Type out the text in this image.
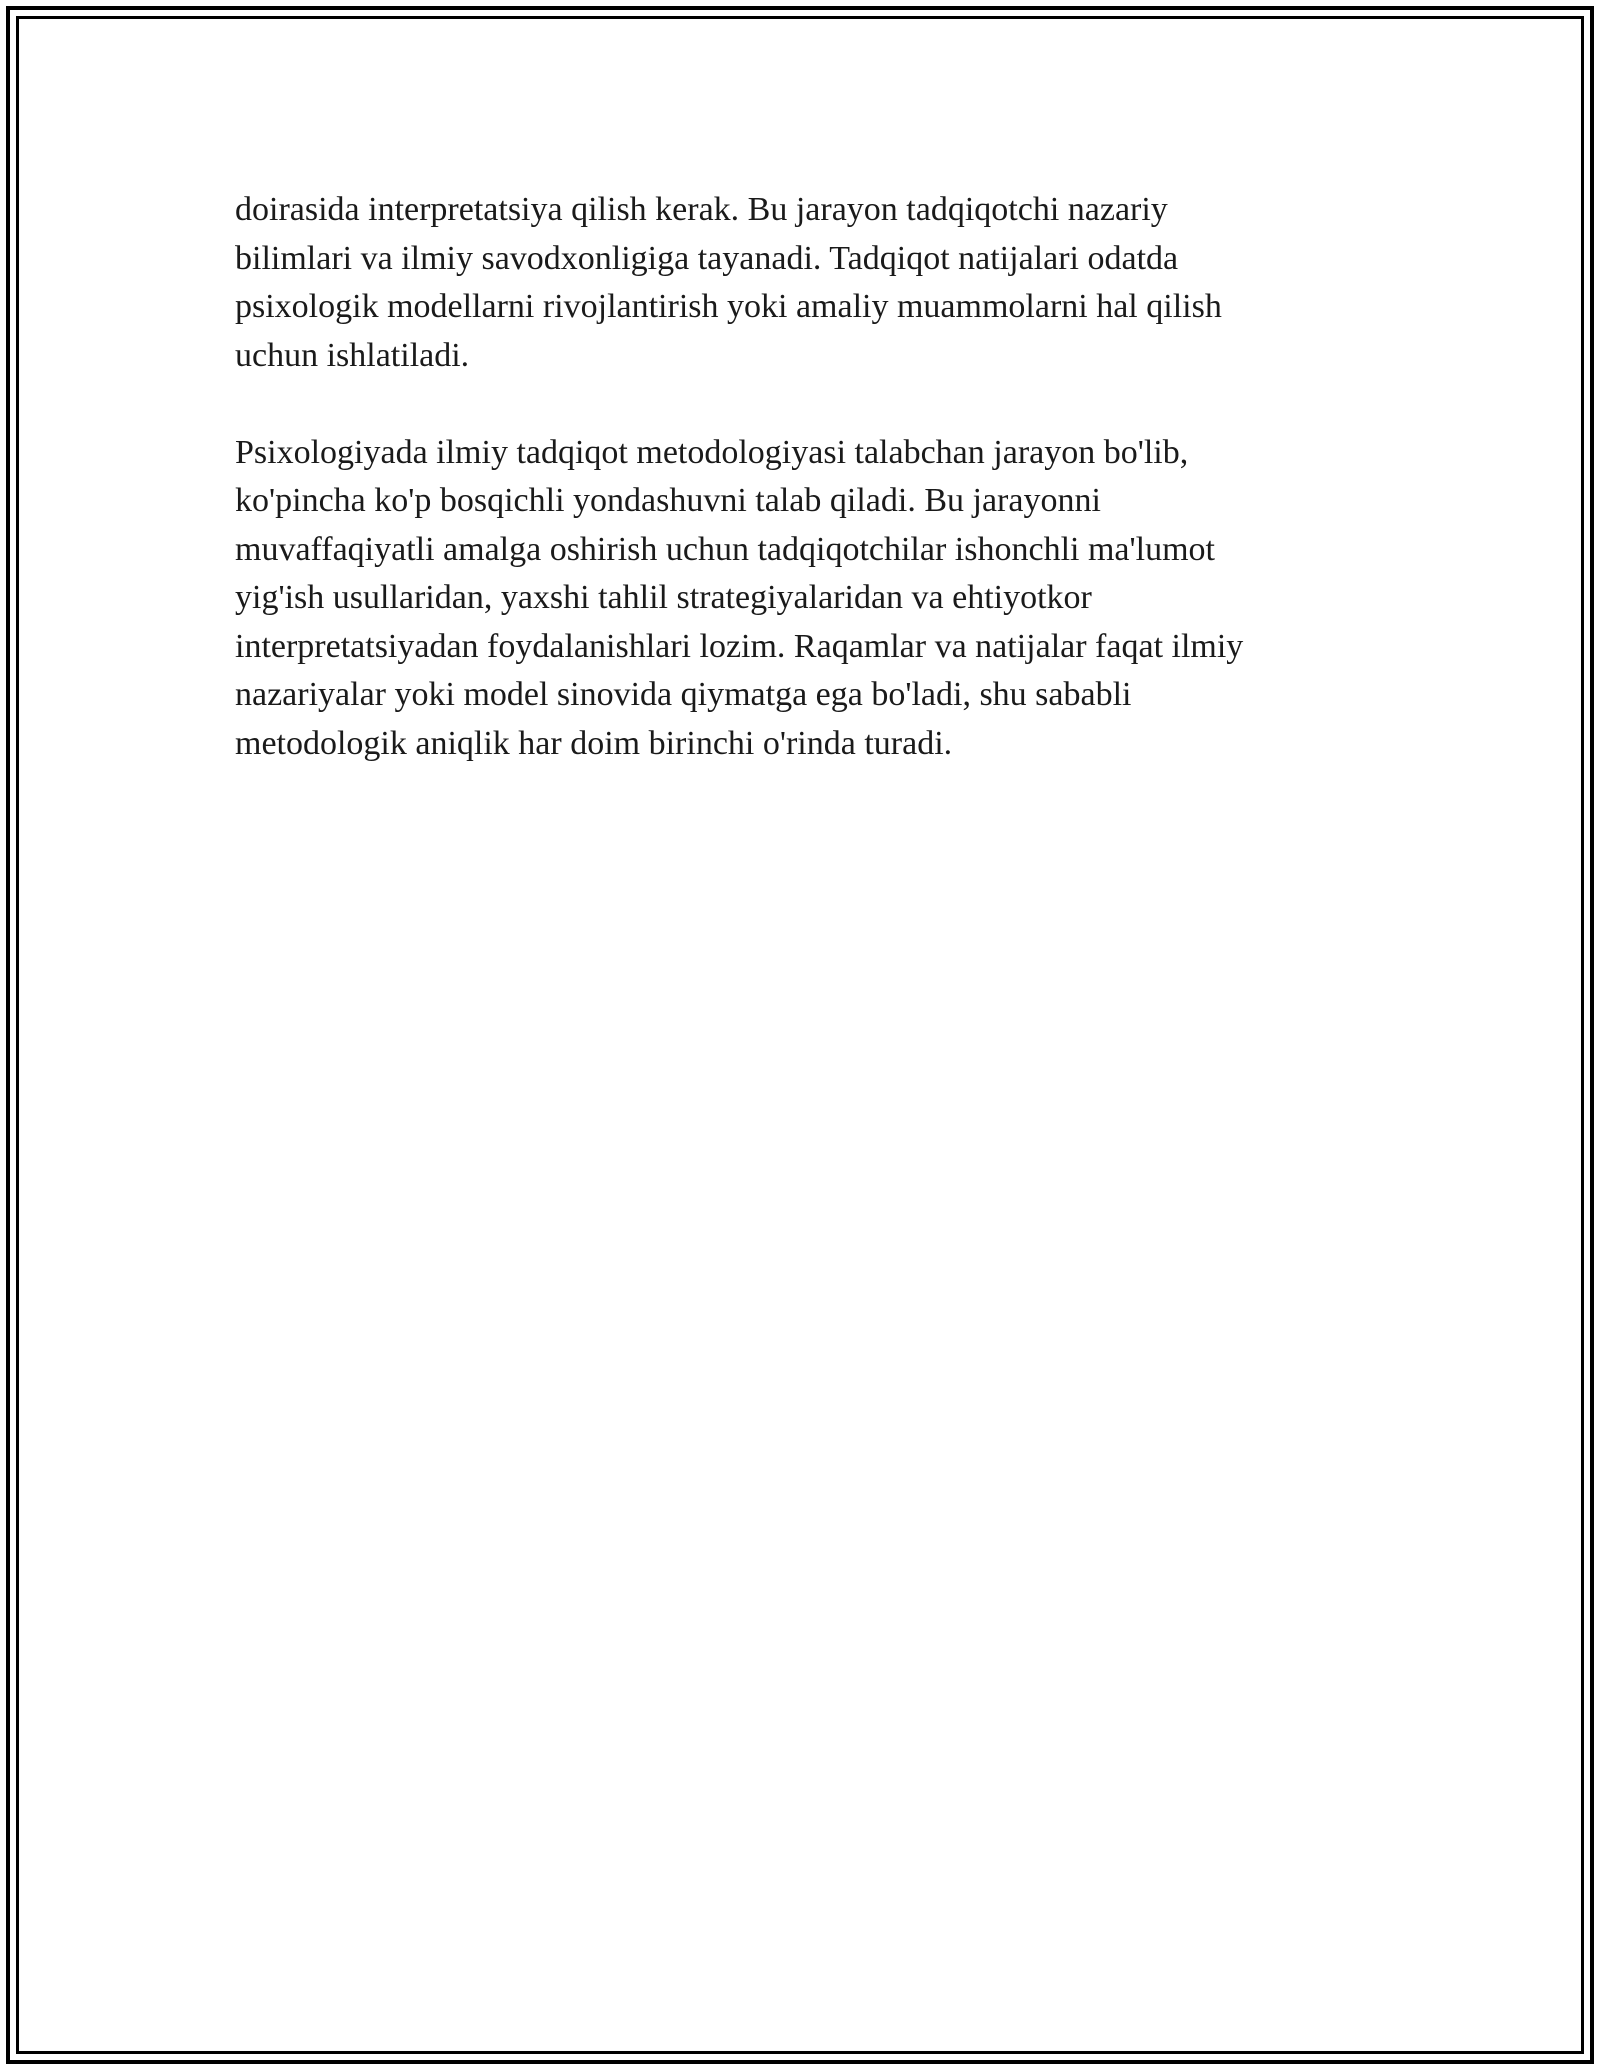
doirasida interpretatsiya qilish kerak. Bu jarayon tadqiqotchi nazariy
bilimlari va ilmiy savodxonligiga tayanadi. Tadqiqot natijalari odatda
psixologik modellarni rivojlantirish yoki amaliy muammolarni hal qilish
uchun ishlatiladi.

Psixologiyada ilmiy tadqiqot metodologiyasi talabchan jarayon bo'lib,
ko'pincha ko'p bosqichli yondashuvni talab qiladi. Bu jarayonni
muvaffaqiyatli amalga oshirish uchun tadqiqotchilar ishonchli ma'lumot
yig'ish usullaridan, yaxshi tahlil strategiyalaridan va ehtiyotkor
interpretatsiyadan foydalanishlari lozim. Raqamlar va natijalar faqat ilmiy
nazariyalar yoki model sinovida qiymatga ega bo'ladi, shu sababli
metodologik aniqlik har doim birinchi o'rinda turadi.
